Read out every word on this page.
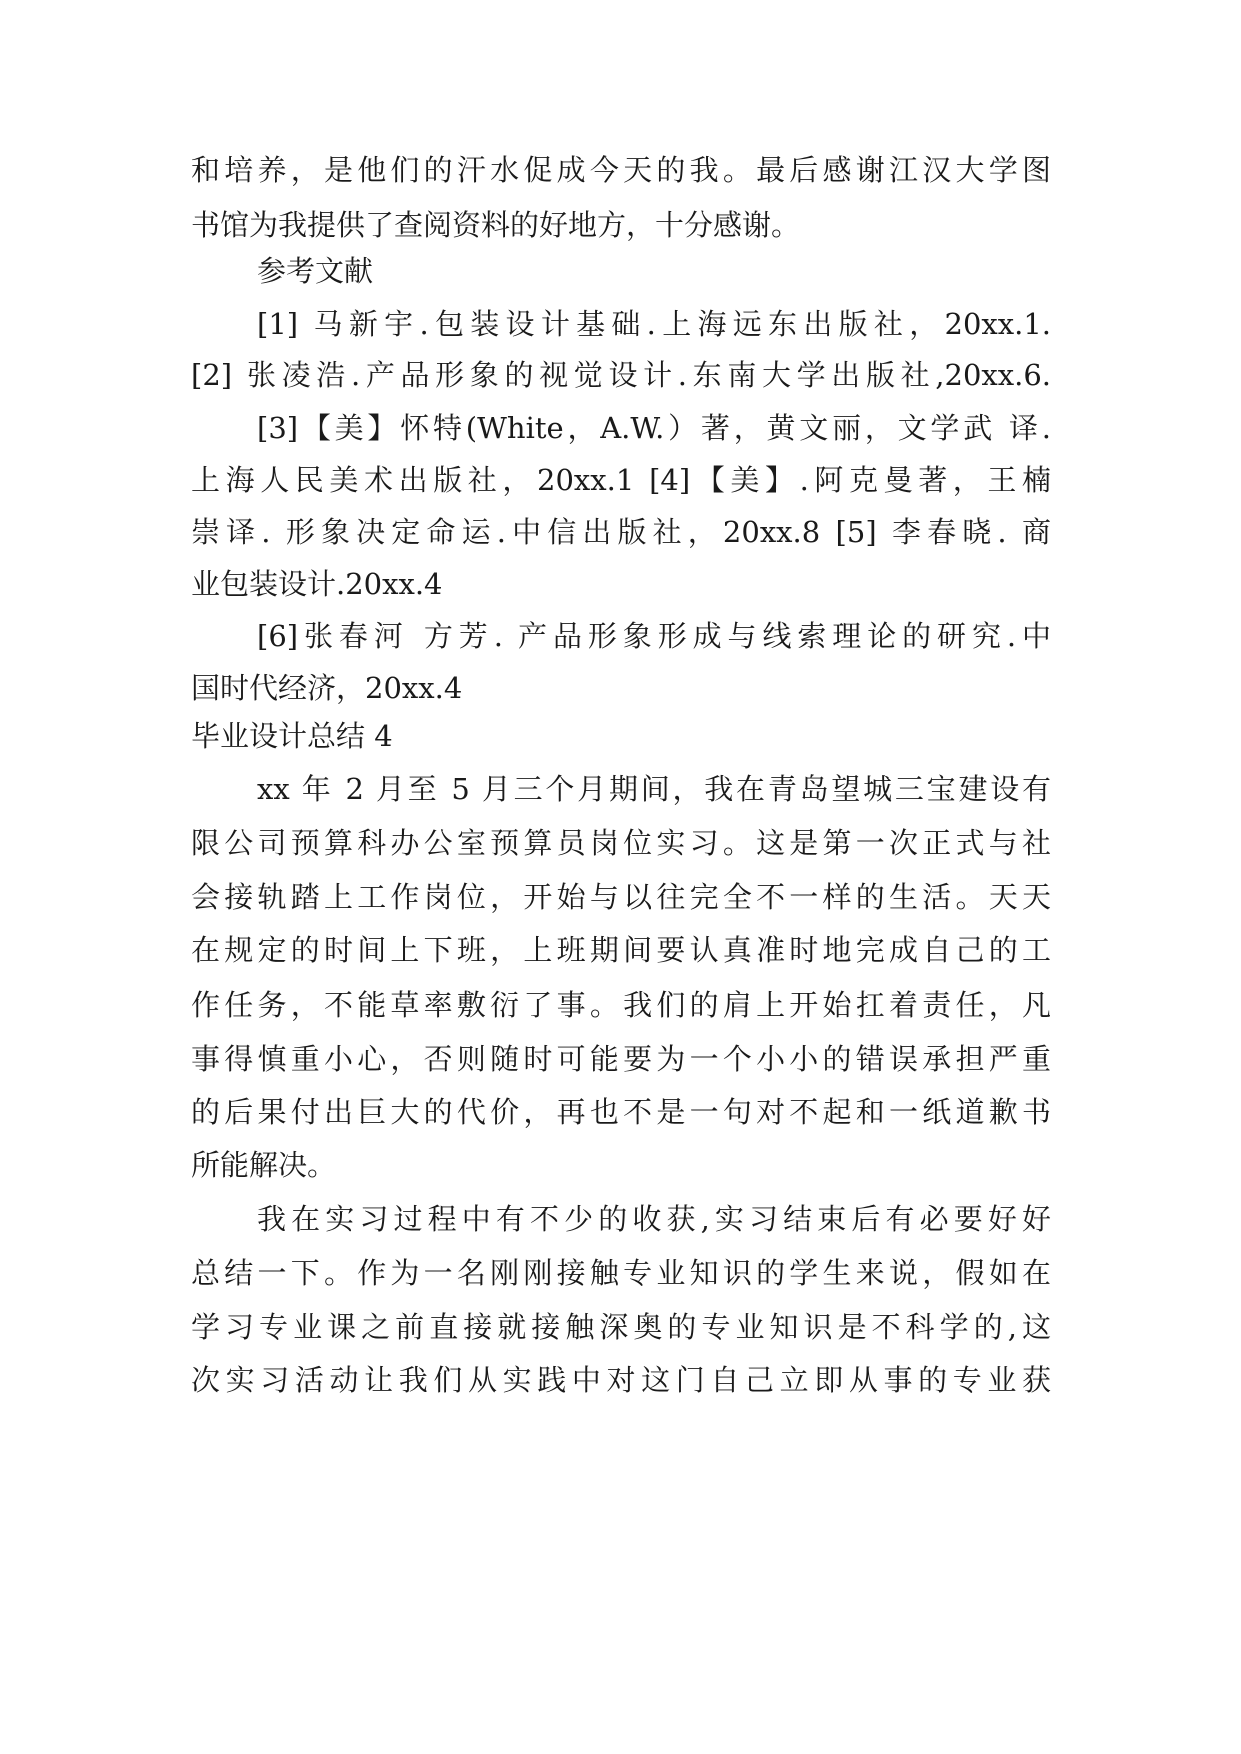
和培养，是他们的汗水促成今天的我。最后感谢江汉大学图
书馆为我提供了查阅资料的好地方，十分感谢。
参考文献
[1] 马新宇.包装设计基础.上海远东出版社，20xx.1.
[2] 张凌浩.产品形象的视觉设计.东南大学出版社,20xx.6.
[3]【美】怀特(White，A.W.）著，黄文丽，文学武 译.
上海人民美术出版社，20xx.1 [4]【美】.阿克曼著，王楠
崇译. 形象决定命运.中信出版社，20xx.8 [5] 李春晓. 商
业包装设计.20xx.4
[6]张春河 方芳. 产品形象形成与线索理论的研究.中
国时代经济，20xx.4
毕业设计总结 4
xx 年 2 月至 5 月三个月期间，我在青岛望城三宝建设有
限公司预算科办公室预算员岗位实习。这是第一次正式与社
会接轨踏上工作岗位，开始与以往完全不一样的生活。天天
在规定的时间上下班，上班期间要认真准时地完成自己的工
作任务，不能草率敷衍了事。我们的肩上开始扛着责任，凡
事得慎重小心，否则随时可能要为一个小小的错误承担严重
的后果付出巨大的代价，再也不是一句对不起和一纸道歉书
所能解决。
我在实习过程中有不少的收获,实习结束后有必要好好
总结一下。作为一名刚刚接触专业知识的学生来说，假如在
学习专业课之前直接就接触深奥的专业知识是不科学的,这
次实习活动让我们从实践中对这门自己立即从事的专业获
